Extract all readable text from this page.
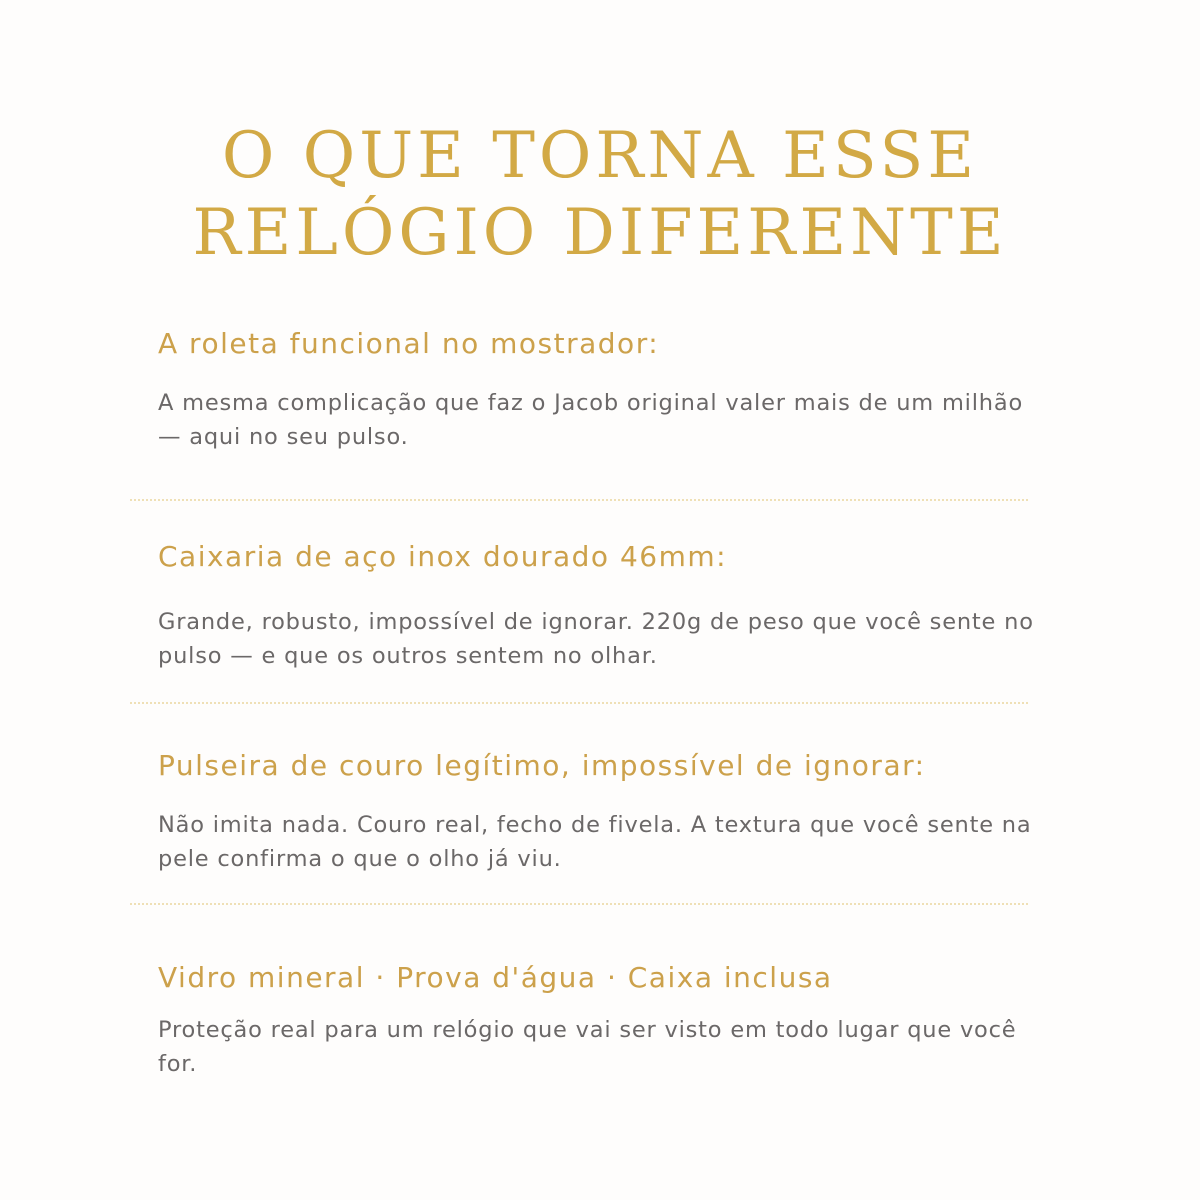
O QUE TORNA ESSE
RELÓGIO DIFERENTE
A roleta funcional no mostrador:

A mesma complicação que faz o Jacob original valer mais de um milhão — aqui no seu pulso.

Caixaria de aço inox dourado 46mm:

Grande, robusto, impossível de ignorar. 220g de peso que você sente no pulso — e que os outros sentem no olhar.

Pulseira de couro legítimo, impossível de ignorar:

Não imita nada. Couro real, fecho de fivela. A textura que você sente na pele confirma o que o olho já viu.

Vidro mineral · Prova d'água · Caixa inclusa

Proteção real para um relógio que vai ser visto em todo lugar que você for.
